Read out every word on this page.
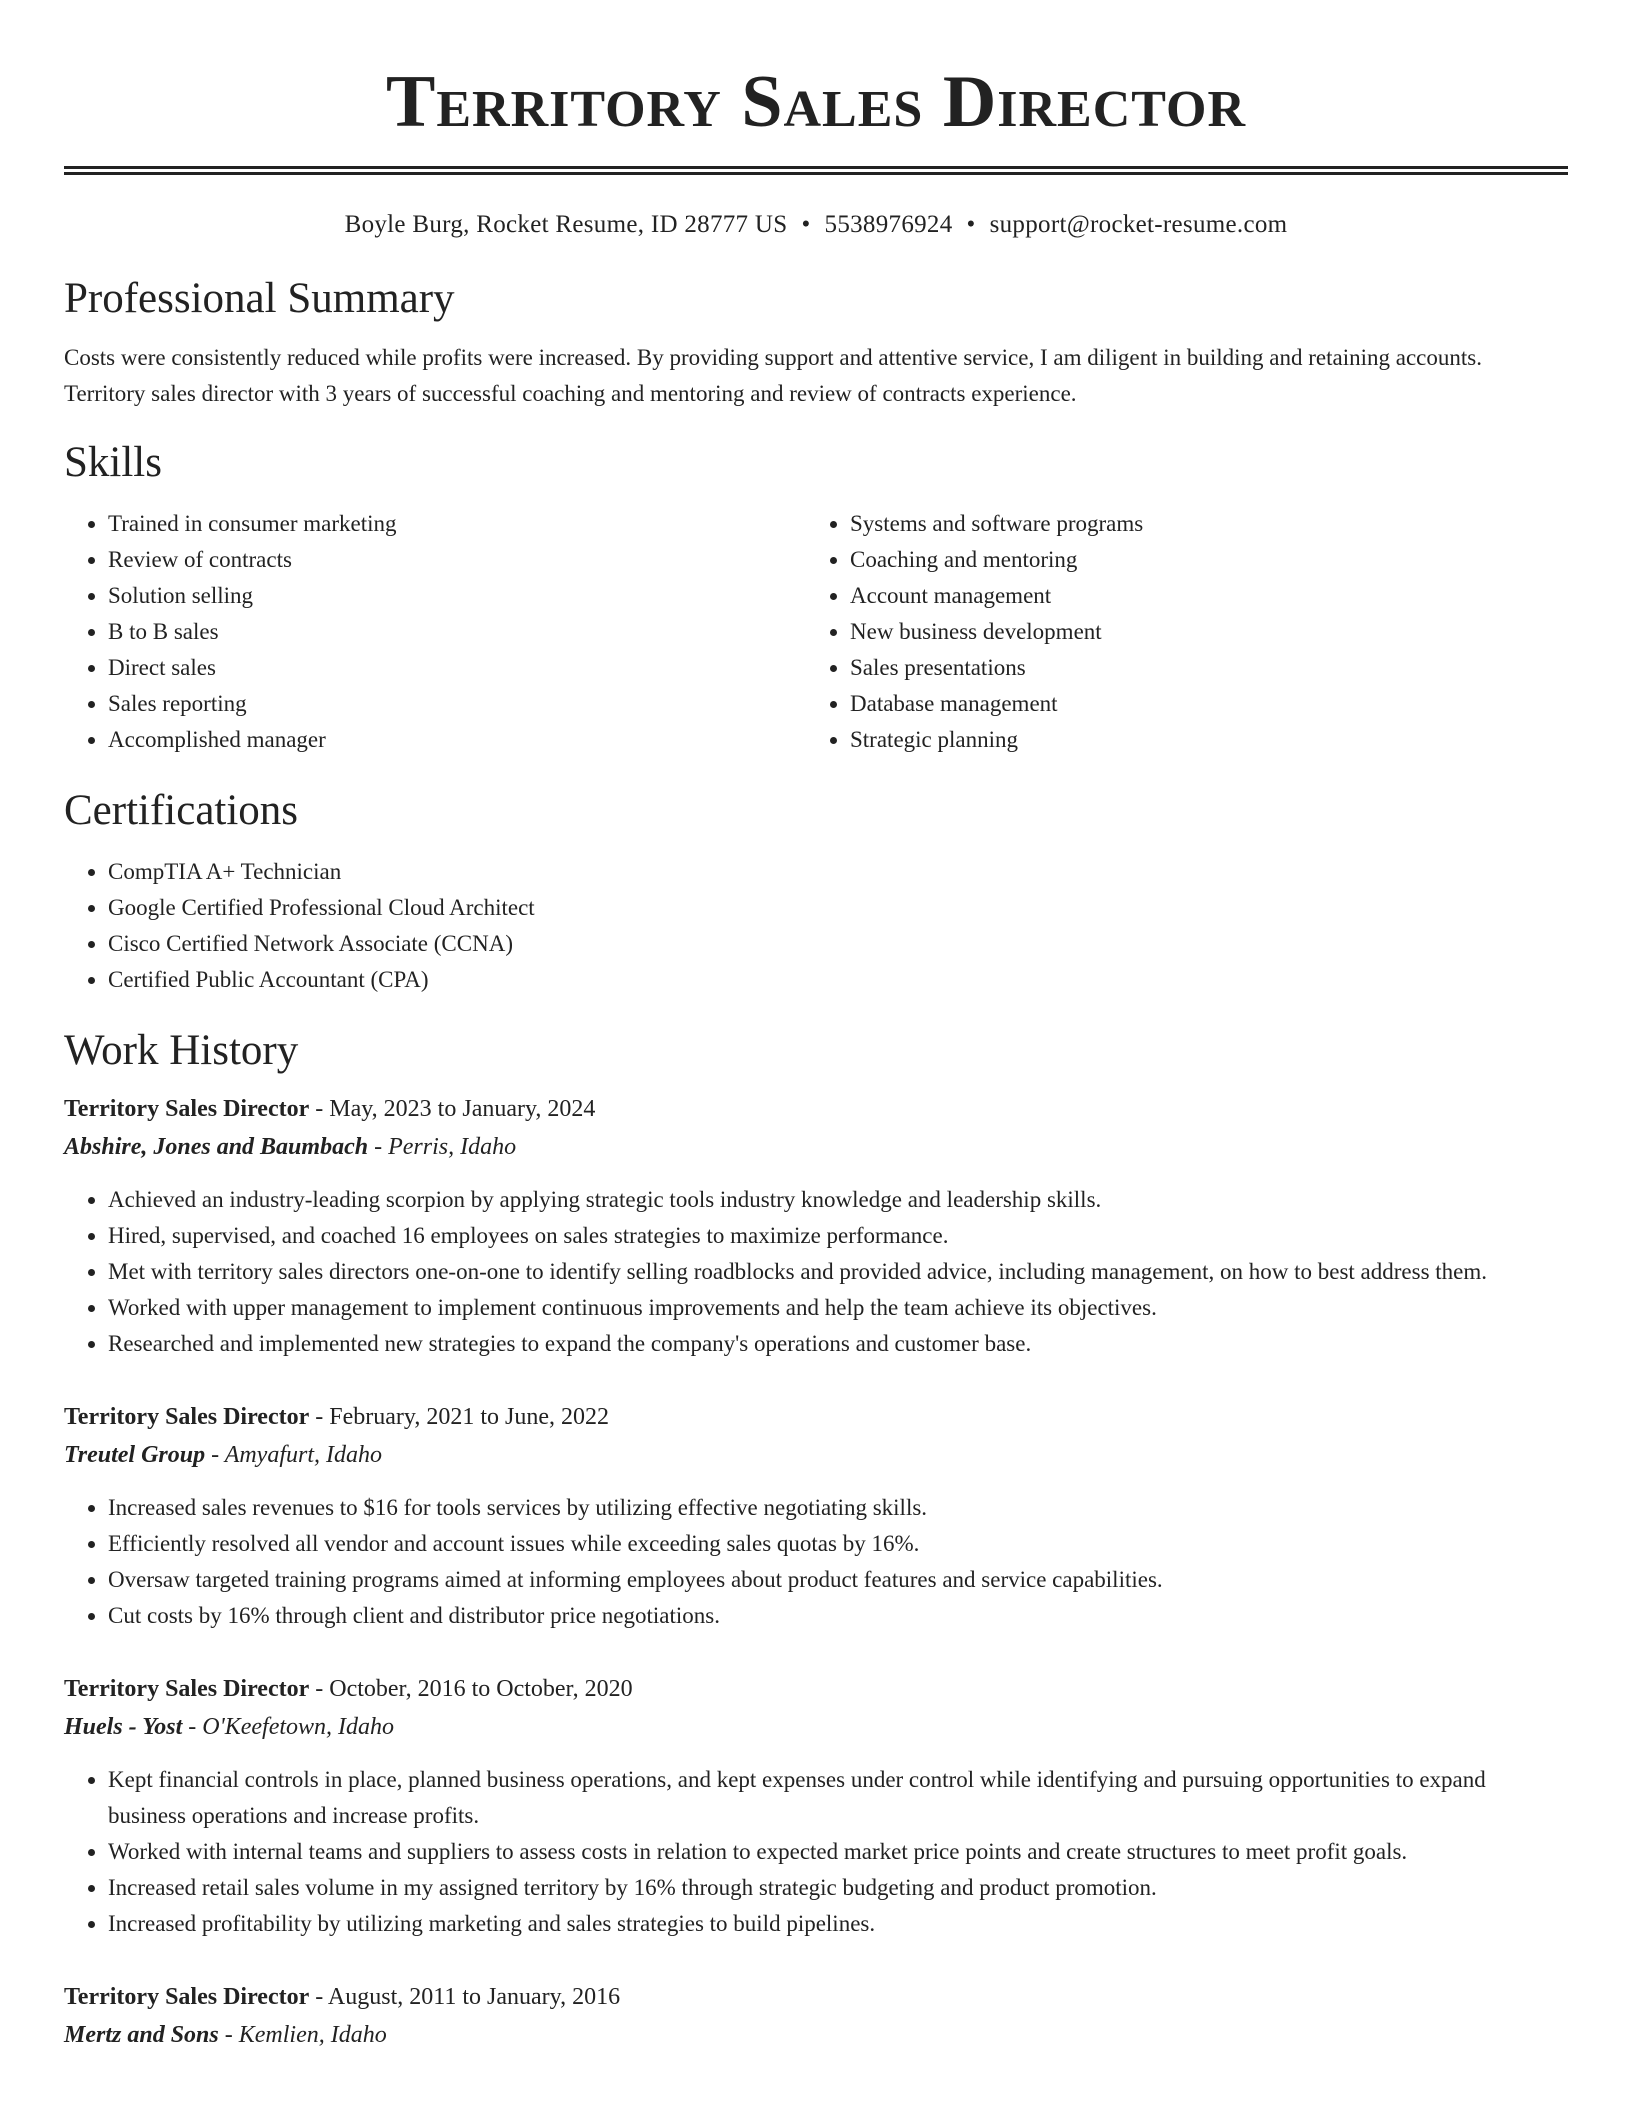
Territory Sales Director
Boyle Burg, Rocket Resume, ID 28777 US • 5538976924 • support@rocket-resume.com
Professional Summary
Costs were consistently reduced while profits were increased. By providing support and attentive service, I am diligent in building and retaining accounts. Territory sales director with 3 years of successful coaching and mentoring and review of contracts experience.
Skills
• Trained in consumer marketing
• Review of contracts
• Solution selling
• B to B sales
• Direct sales
• Sales reporting
• Accomplished manager
• Systems and software programs
• Coaching and mentoring
• Account management
• New business development
• Sales presentations
• Database management
• Strategic planning
Certifications
• CompTIA A+ Technician
• Google Certified Professional Cloud Architect
• Cisco Certified Network Associate (CCNA)
• Certified Public Accountant (CPA)
Work History
Territory Sales Director - May, 2023 to January, 2024
Abshire, Jones and Baumbach - Perris, Idaho
• Achieved an industry-leading scorpion by applying strategic tools industry knowledge and leadership skills.
• Hired, supervised, and coached 16 employees on sales strategies to maximize performance.
• Met with territory sales directors one-on-one to identify selling roadblocks and provided advice, including management, on how to best address them.
• Worked with upper management to implement continuous improvements and help the team achieve its objectives.
• Researched and implemented new strategies to expand the company's operations and customer base.
Territory Sales Director - February, 2021 to June, 2022
Treutel Group - Amyafurt, Idaho
• Increased sales revenues to $16 for tools services by utilizing effective negotiating skills.
• Efficiently resolved all vendor and account issues while exceeding sales quotas by 16%.
• Oversaw targeted training programs aimed at informing employees about product features and service capabilities.
• Cut costs by 16% through client and distributor price negotiations.
Territory Sales Director - October, 2016 to October, 2020
Huels - Yost - O'Keefetown, Idaho
• Kept financial controls in place, planned business operations, and kept expenses under control while identifying and pursuing opportunities to expand business operations and increase profits.
• Worked with internal teams and suppliers to assess costs in relation to expected market price points and create structures to meet profit goals.
• Increased retail sales volume in my assigned territory by 16% through strategic budgeting and product promotion.
• Increased profitability by utilizing marketing and sales strategies to build pipelines.
Territory Sales Director - August, 2011 to January, 2016
Mertz and Sons - Kemlien, Idaho
